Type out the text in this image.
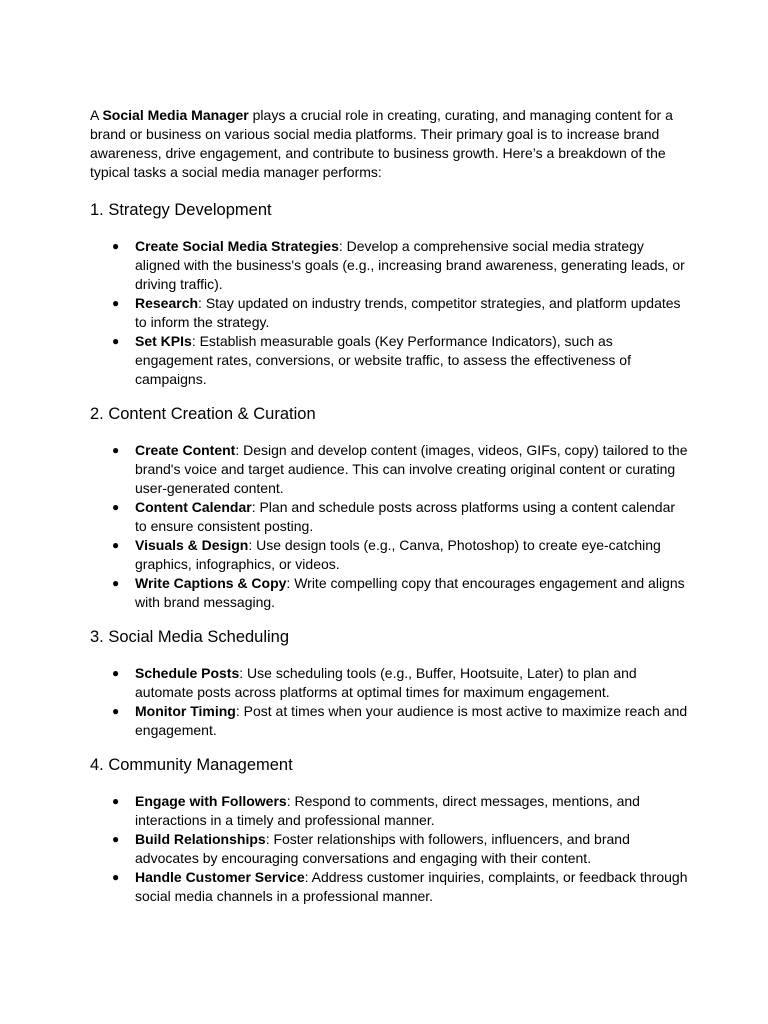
A Social Media Manager plays a crucial role in creating, curating, and managing content for a brand or business on various social media platforms. Their primary goal is to increase brand awareness, drive engagement, and contribute to business growth. Here’s a breakdown of the typical tasks a social media manager performs:

1. Strategy Development
● Create Social Media Strategies: Develop a comprehensive social media strategy aligned with the business's goals (e.g., increasing brand awareness, generating leads, or driving traffic).
● Research: Stay updated on industry trends, competitor strategies, and platform updates to inform the strategy.
● Set KPIs: Establish measurable goals (Key Performance Indicators), such as engagement rates, conversions, or website traffic, to assess the effectiveness of campaigns.
2. Content Creation & Curation
● Create Content: Design and develop content (images, videos, GIFs, copy) tailored to the brand's voice and target audience. This can involve creating original content or curating user-generated content.
● Content Calendar: Plan and schedule posts across platforms using a content calendar to ensure consistent posting.
● Visuals & Design: Use design tools (e.g., Canva, Photoshop) to create eye-catching graphics, infographics, or videos.
● Write Captions & Copy: Write compelling copy that encourages engagement and aligns with brand messaging.
3. Social Media Scheduling
● Schedule Posts: Use scheduling tools (e.g., Buffer, Hootsuite, Later) to plan and automate posts across platforms at optimal times for maximum engagement.
● Monitor Timing: Post at times when your audience is most active to maximize reach and engagement.
4. Community Management
● Engage with Followers: Respond to comments, direct messages, mentions, and interactions in a timely and professional manner.
● Build Relationships: Foster relationships with followers, influencers, and brand advocates by encouraging conversations and engaging with their content.
● Handle Customer Service: Address customer inquiries, complaints, or feedback through social media channels in a professional manner.
